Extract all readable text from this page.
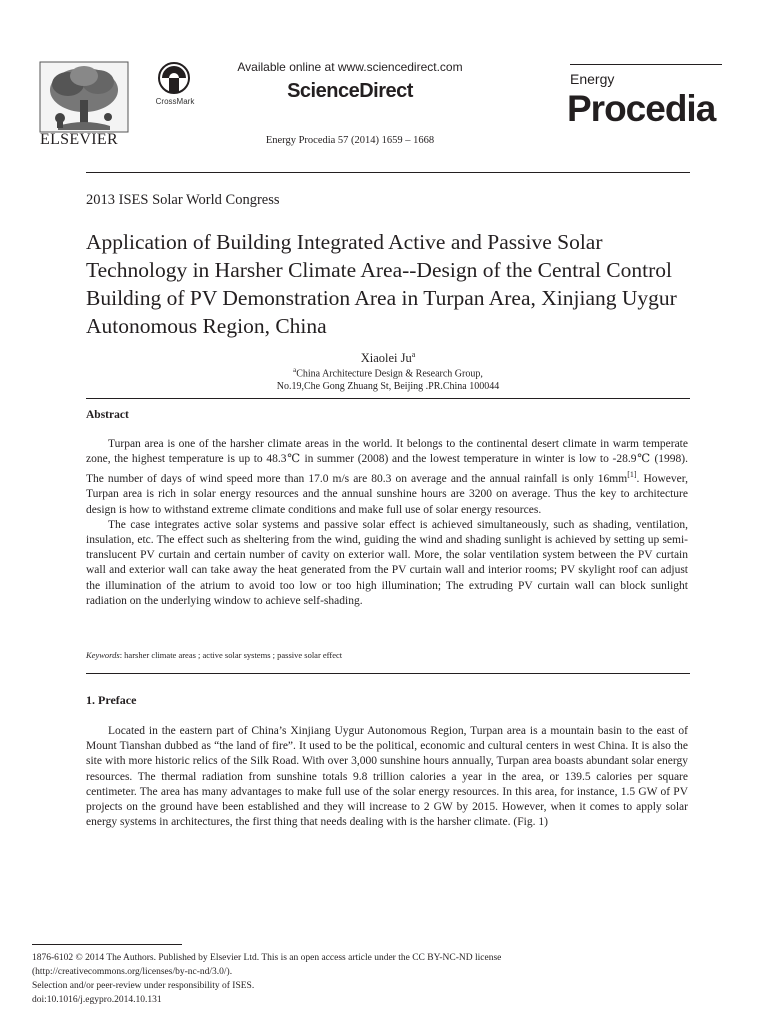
ELSEVIER
CrossMark
Available online at www.sciencedirect.com
ScienceDirect
Energy Procedia 57 (2014) 1659 – 1668
Energy
Procedia
2013 ISES Solar World Congress
Application of Building Integrated Active and Passive Solar Technology in Harsher Climate Area--Design of the Central Control Building of PV Demonstration Area in Turpan Area, Xinjiang Uygur Autonomous Region, China
Xiaolei Ju$^a$
$^a$China Architecture Design & Research Group,
No.19,Che Gong Zhuang St, Beijing .PR.China 100044
Abstract

Turpan area is one of the harsher climate areas in the world. It belongs to the continental desert climate in warm temperate zone, the highest temperature is up to 48.3℃ in summer (2008) and the lowest temperature in winter is low to -28.9℃ (1998). The number of days of wind speed more than 17.0 m/s are 80.3 on average and the annual rainfall is only 16mm[1]. However, Turpan area is rich in solar energy resources and the annual sunshine hours are 3200 on average. Thus the key to architecture design is how to withstand extreme climate conditions and make full use of solar energy resources.

The case integrates active solar systems and passive solar effect is achieved simultaneously, such as shading, ventilation, insulation, etc. The effect such as sheltering from the wind, guiding the wind and shading sunlight is achieved by setting up semi-translucent PV curtain and certain number of cavity on exterior wall. More, the solar ventilation system between the PV curtain wall and exterior wall can take away the heat generated from the PV curtain wall and interior rooms; PV skylight roof can adjust the illumination of the atrium to avoid too low or too high illumination; The extruding PV curtain wall can block sunlight radiation on the underlying window to achieve self-shading.

Keywords: harsher climate areas ; active solar systems ; passive solar effect
1. Preface

Located in the eastern part of China’s Xinjiang Uygur Autonomous Region, Turpan area is a mountain basin to the east of Mount Tianshan dubbed as “the land of fire”. It used to be the political, economic and cultural centers in west China. It is also the site with more historic relics of the Silk Road. With over 3,000 sunshine hours annually, Turpan area boasts abundant solar energy resources. The thermal radiation from sunshine totals 9.8 trillion calories a year in the area, or 139.5 calories per square centimeter. The area has many advantages to make full use of the solar energy resources. In this area, for instance, 1.5 GW of PV projects on the ground have been established and they will increase to 2 GW by 2015. However, when it comes to apply solar energy systems in architectures, the first thing that needs dealing with is the harsher climate. (Fig. 1)

1876-6102 © 2014 The Authors. Published by Elsevier Ltd. This is an open access article under the CC BY-NC-ND license
(http://creativecommons.org/licenses/by-nc-nd/3.0/).
Selection and/or peer-review under responsibility of ISES.
doi:10.1016/j.egypro.2014.10.131
